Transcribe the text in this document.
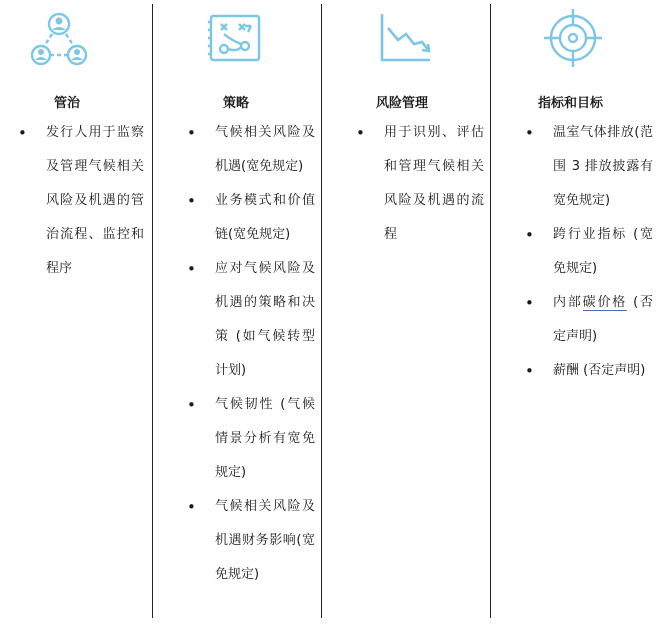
管治
• 发行人用于监察及管理气候相关风险及机遇的管治流程、监控和程序
策略
• 气候相关风险及机遇(宽免规定)
• 业务模式和价值链(宽免规定)
• 应对气候风险及机遇的策略和决策 (如气候转型计划)
• 气候韧性 (气候情景分析有宽免规定)
• 气候相关风险及机遇财务影响(宽免规定)
风险管理
• 用于识别、评估和管理气候相关风险及机遇的流程
指标和目标
• 温室气体排放(范围 3 排放披露有宽免规定)
• 跨行业指标 (宽免规定)
• 内部碳价格 (否定声明)
• 薪酬 (否定声明)
